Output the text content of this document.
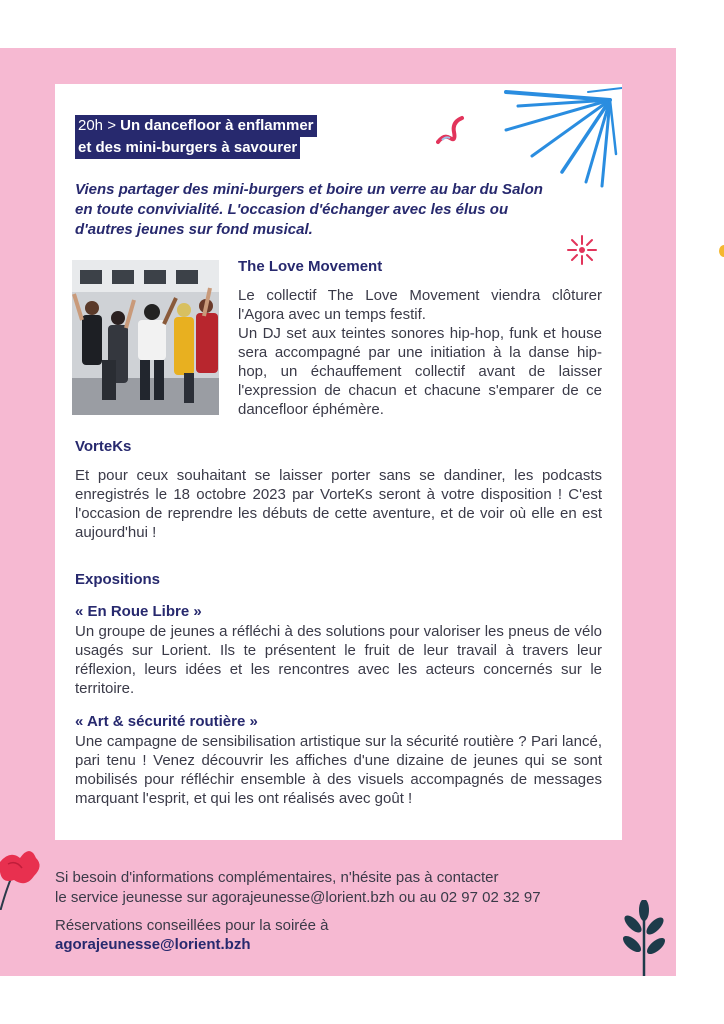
20h > Un dancefloor à enflammer
et des mini-burgers à savourer

Viens partager des mini-burgers et boire un verre au bar du Salon en toute convivialité. L'occasion d'échanger avec les élus ou d'autres jeunes sur fond musical.

The Love Movement

Le collectif The Love Movement viendra clôturer l'Agora avec un temps festif.

Un DJ set aux teintes sonores hip-hop, funk et house sera accompagné par une initiation à la danse hip-hop, un échauffement collectif avant de laisser l'expression de chacun et chacune s'emparer de ce dancefloor éphémère.

VorteKs

Et pour ceux souhaitant se laisser porter sans se dandiner, les podcasts enregistrés le 18 octobre 2023 par VorteKs seront à votre disposition ! C'est l'occasion de reprendre les débuts de cette aventure, et de voir où elle en est aujourd'hui !

Expositions
« En Roue Libre »

Un groupe de jeunes a réfléchi à des solutions pour valoriser les pneus de vélo usagés sur Lorient. Ils te présentent le fruit de leur travail à travers leur réflexion, leurs idées et les rencontres avec les acteurs concernés sur le territoire.

« Art & sécurité routière »

Une campagne de sensibilisation artistique sur la sécurité routière ? Pari lancé, pari tenu ! Venez découvrir les affiches d'une dizaine de jeunes qui se sont mobilisés pour réfléchir ensemble à des visuels accompagnés de messages marquant l'esprit, et qui les ont réalisés avec goût !

Si besoin d'informations complémentaires, n'hésite pas à contacter

le service jeunesse sur agorajeunesse@lorient.bzh ou au 02 97 02 32 97

Réservations conseillées pour la soirée à

agorajeunesse@lorient.bzh
